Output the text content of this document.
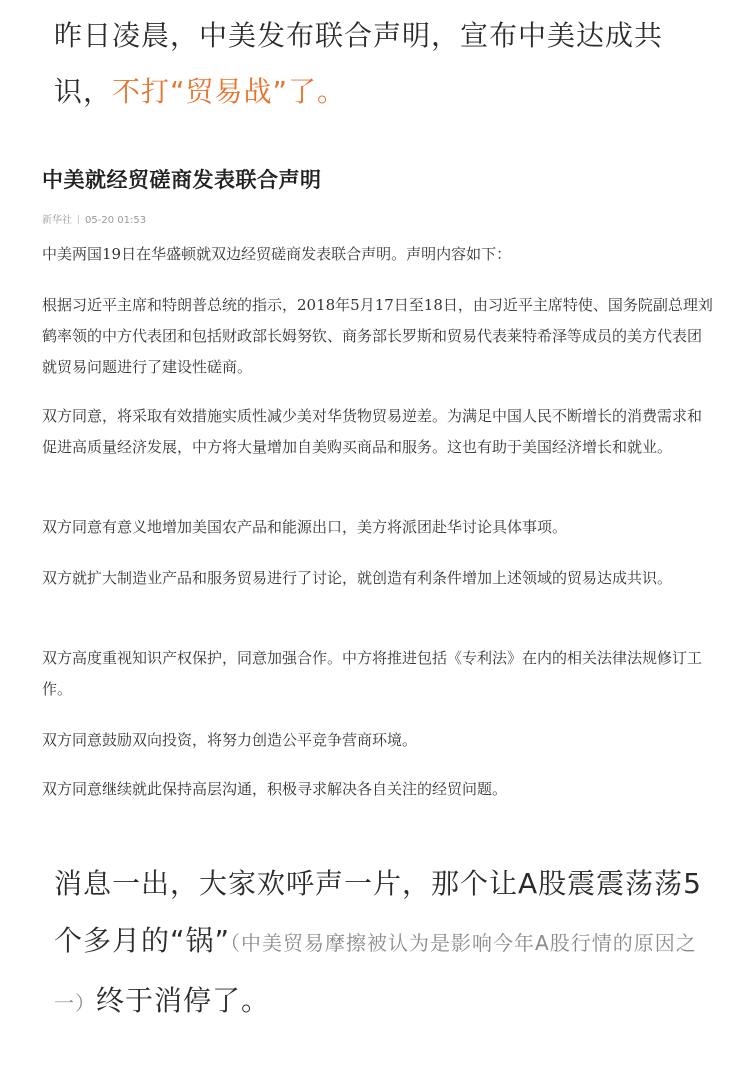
昨日凌晨，中美发布联合声明，宣布中美达成共识，不打“贸易战”了。
中美就经贸磋商发表联合声明
新华社 05-20 01:53

中美两国19日在华盛顿就双边经贸磋商发表联合声明。声明内容如下：

根据习近平主席和特朗普总统的指示，2018年5月17日至18日，由习近平主席特使、国务院副总理刘鹤率领的中方代表团和包括财政部长姆努钦、商务部长罗斯和贸易代表莱特希泽等成员的美方代表团就贸易问题进行了建设性磋商。

双方同意，将采取有效措施实质性减少美对华货物贸易逆差。为满足中国人民不断增长的消费需求和促进高质量经济发展，中方将大量增加自美购买商品和服务。这也有助于美国经济增长和就业。

双方同意有意义地增加美国农产品和能源出口，美方将派团赴华讨论具体事项。

双方就扩大制造业产品和服务贸易进行了讨论，就创造有利条件增加上述领域的贸易达成共识。

双方高度重视知识产权保护，同意加强合作。中方将推进包括《专利法》在内的相关法律法规修订工作。

双方同意鼓励双向投资，将努力创造公平竞争营商环境。

双方同意继续就此保持高层沟通，积极寻求解决各自关注的经贸问题。

消息一出，大家欢呼声一片，那个让A股震震荡荡5个多月的“锅”（中美贸易摩擦被认为是影响今年A股行情的原因之一）终于消停了。
